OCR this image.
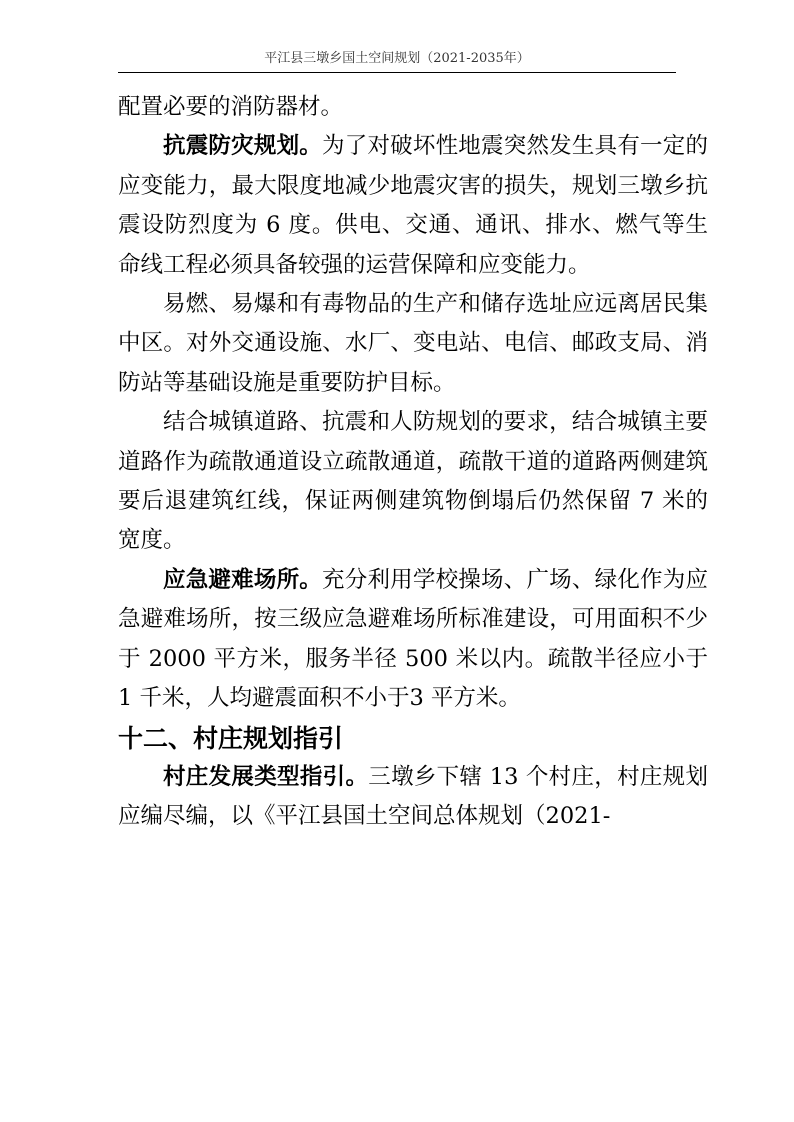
平江县三墩乡国土空间规划（2021-2035年）

配置必要的消防器材。

抗震防灾规划。为了对破坏性地震突然发生具有一定的应变能力，最大限度地减少地震灾害的损失，规划三墩乡抗震设防烈度为 6 度。供电、交通、通讯、排水、燃气等生命线工程必须具备较强的运营保障和应变能力。

易燃、易爆和有毒物品的生产和储存选址应远离居民集中区。对外交通设施、水厂、变电站、电信、邮政支局、消防站等基础设施是重要防护目标。

结合城镇道路、抗震和人防规划的要求，结合城镇主要道路作为疏散通道设立疏散通道，疏散干道的道路两侧建筑要后退建筑红线，保证两侧建筑物倒塌后仍然保留 7 米的宽度。

应急避难场所。充分利用学校操场、广场、绿化作为应急避难场所，按三级应急避难场所标准建设，可用面积不少于 2000 平方米，服务半径 500 米以内。疏散半径应小于1 千米，人均避震面积不小于3 平方米。

十二、村庄规划指引

村庄发展类型指引。三墩乡下辖 13 个村庄，村庄规划应编尽编，以《平江县国土空间总体规划（2021-
